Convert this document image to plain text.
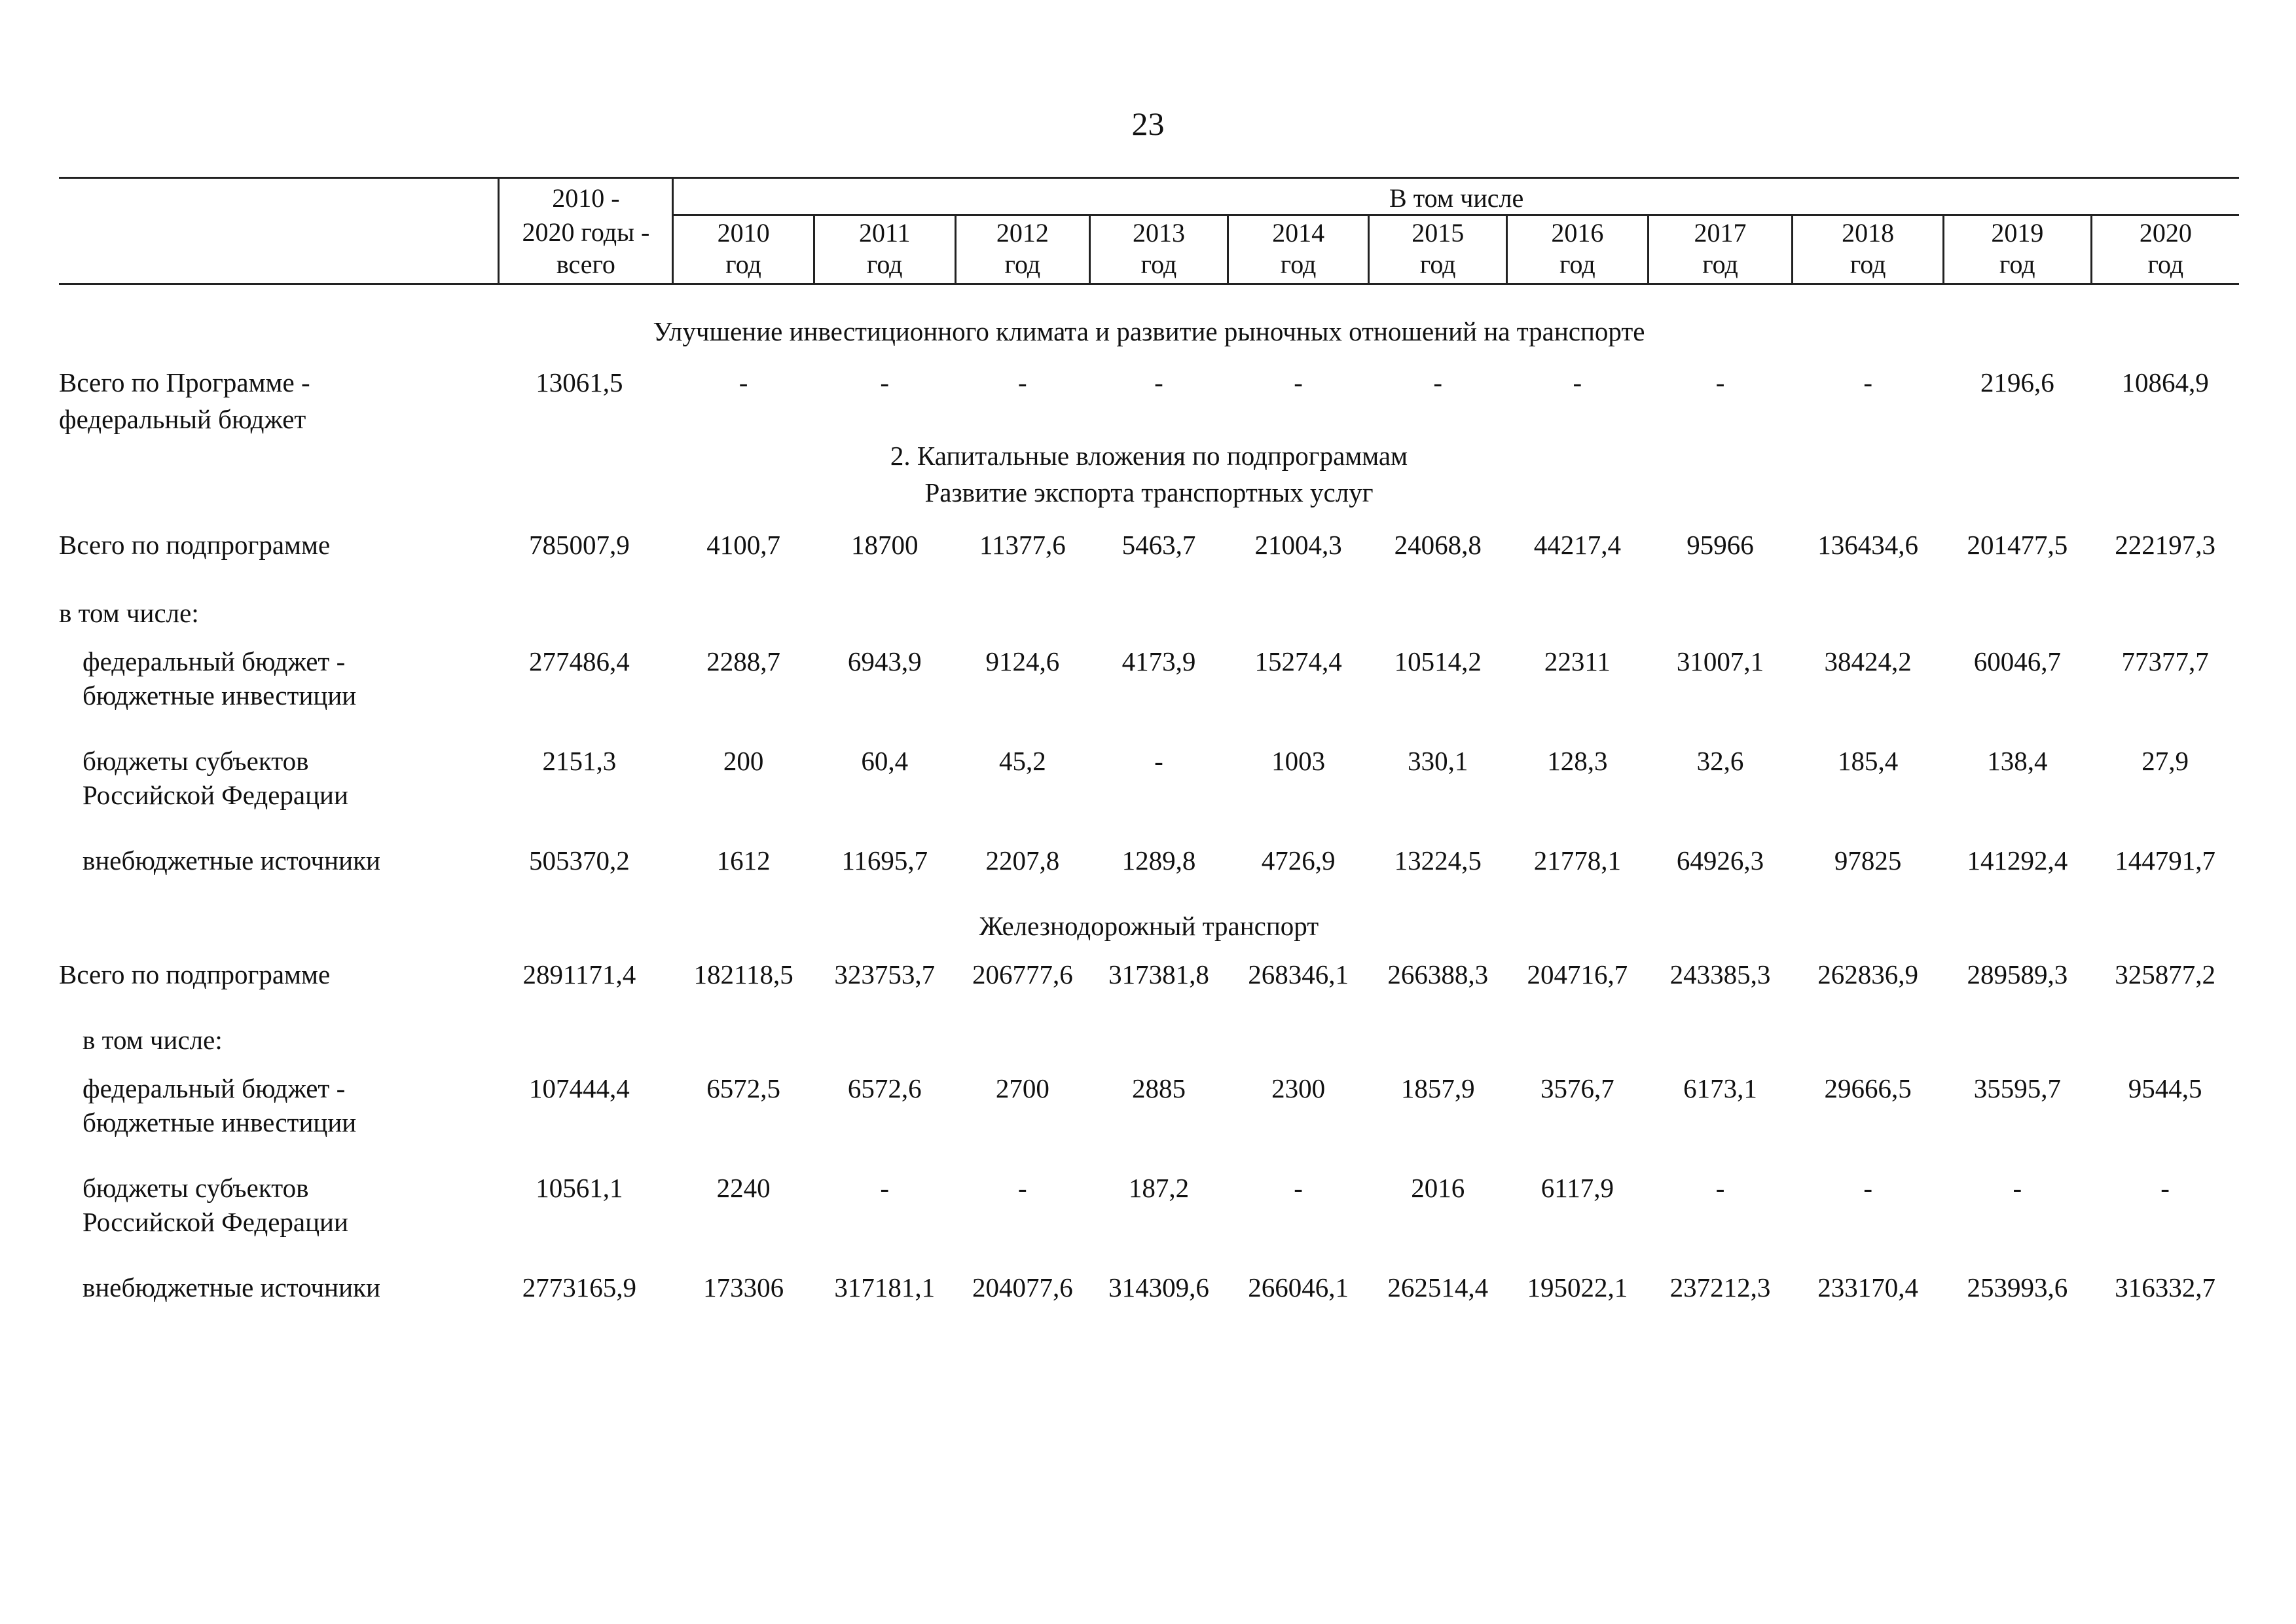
23
	2010 -	В том числе										
	2020 годы -	2010	2011	2012	2013	2014	2015	2016	2017	2018	2019	2020
	всего	год	год	год	год	год	год	год	год	год	год	год

Улучшение инвестиционного климата и развитие рыночных отношений на транспорте												
Всего по Программе -	13061,5	-	-	-	-	-	-	-	-	-	2196,6	10864,9
федеральный бюджет												
2. Капитальные вложения по подпрограммам												
Развитие экспорта транспортных услуг												
Всего по подпрограмме	785007,9	4100,7	18700	11377,6	5463,7	21004,3	24068,8	44217,4	95966	136434,6	201477,5	222197,3
в том числе:												
федеральный бюджет -	277486,4	2288,7	6943,9	9124,6	4173,9	15274,4	10514,2	22311	31007,1	38424,2	60046,7	77377,7
бюджетные инвестиции												
бюджеты субъектов	2151,3	200	60,4	45,2	-	1003	330,1	128,3	32,6	185,4	138,4	27,9
Российской Федерации												
внебюджетные источники	505370,2	1612	11695,7	2207,8	1289,8	4726,9	13224,5	21778,1	64926,3	97825	141292,4	144791,7
Железнодорожный транспорт												
Всего по подпрограмме	2891171,4	182118,5	323753,7	206777,6	317381,8	268346,1	266388,3	204716,7	243385,3	262836,9	289589,3	325877,2
в том числе:												
федеральный бюджет -	107444,4	6572,5	6572,6	2700	2885	2300	1857,9	3576,7	6173,1	29666,5	35595,7	9544,5
бюджетные инвестиции												
бюджеты субъектов	10561,1	2240	-	-	187,2	-	2016	6117,9	-	-	-	-
Российской Федерации												
внебюджетные источники	2773165,9	173306	317181,1	204077,6	314309,6	266046,1	262514,4	195022,1	237212,3	233170,4	253993,6	316332,7
